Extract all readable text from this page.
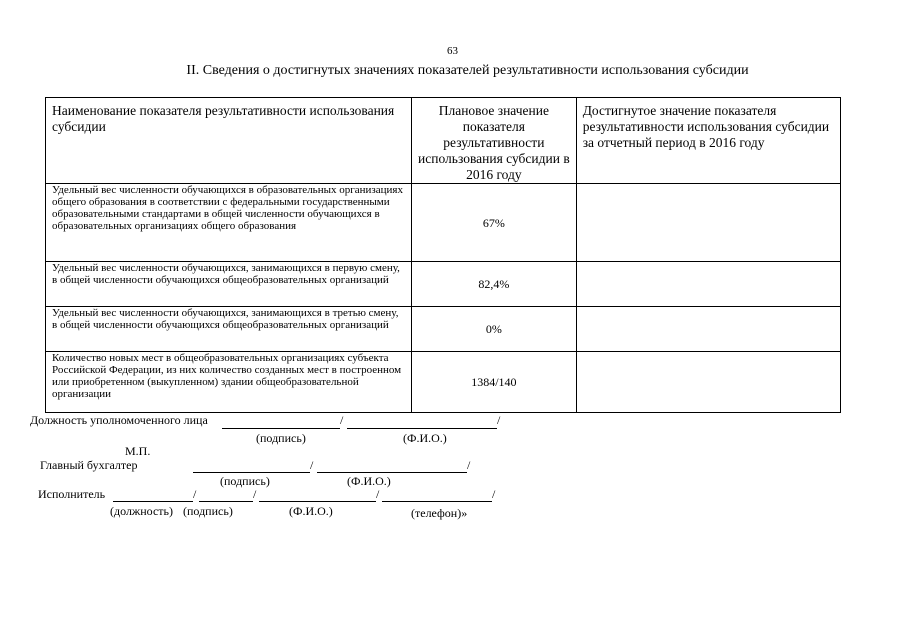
63
II. Сведения о достигнутых значениях показателей результативности использования субсидии
Наименование показателя результативности использования субсидии	Плановое значение показателя результативности использования субсидии в 2016 году	Достигнутое значение показателя результативности использования субсидии за отчетный период в 2016 году
Удельный вес численности обучающихся в образовательных организациях общего образования в соответствии с федеральными государственными образовательными стандартами в общей численности обучающихся в образовательных организациях общего образования	67%	
Удельный вес численности обучающихся, занимающихся в первую смену, в общей численности обучающихся общеобразовательных организаций	82,4%	
Удельный вес численности обучающихся, занимающихся в третью смену, в общей численности обучающихся общеобразовательных организаций	0%	
Количество новых мест в общеобразовательных организациях субъекта Российской Федерации, из них количество созданных мест в построенном или приобретенном (выкупленном) здании общеобразовательной организации	1384/140	
Должность уполномоченного лица	/	/
(подпись)	(Ф.И.О.)
М.П.
Главный бухгалтер	/	/
(подпись)	(Ф.И.О.)
Исполнитель	/	/	/	/
(должность) (подпись)	(Ф.И.О.)	(телефон)»
